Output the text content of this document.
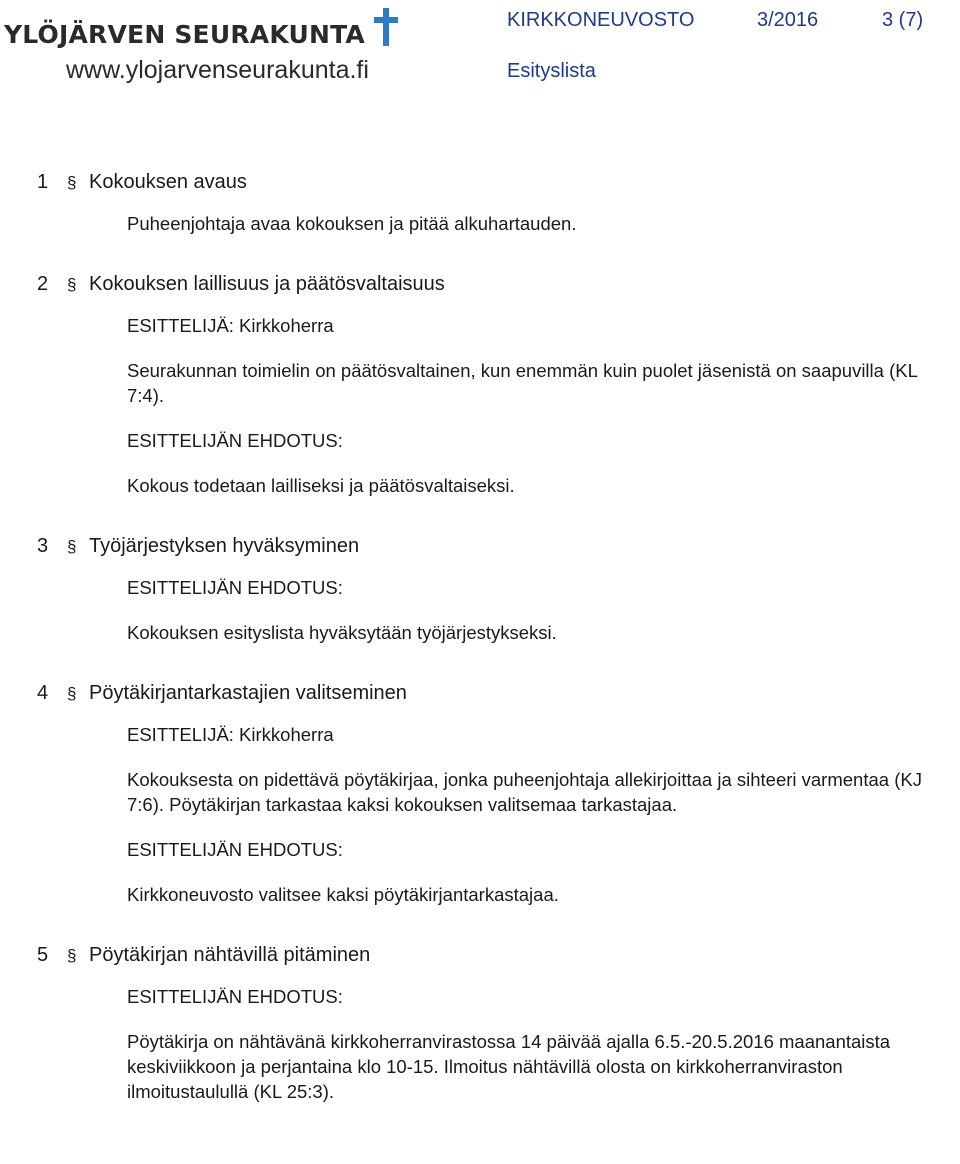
YLÖJÄRVEN SEURAKUNTA
www.ylojarvenseurakunta.fi
KIRKKONEUVOSTO	3/2016	3 (7)
Esityslista
1	§ Kokouksen avaus

Puheenjohtaja avaa kokouksen ja pitää alkuhartauden.

2	§ Kokouksen laillisuus ja päätösvaltaisuus

ESITTELIJÄ: Kirkkoherra

Seurakunnan toimielin on päätösvaltainen, kun enemmän kuin puolet jäsenistä on saapuvilla (KL 7:4).

ESITTELIJÄN EHDOTUS:

Kokous todetaan lailliseksi ja päätösvaltaiseksi.

3	§ Työjärjestyksen hyväksyminen

ESITTELIJÄN EHDOTUS:

Kokouksen esityslista hyväksytään työjärjestykseksi.

4	§ Pöytäkirjantarkastajien valitseminen

ESITTELIJÄ: Kirkkoherra

Kokouksesta on pidettävä pöytäkirjaa, jonka puheenjohtaja allekirjoittaa ja sihteeri varmentaa (KJ 7:6). Pöytäkirjan tarkastaa kaksi kokouksen valitsemaa tarkastajaa.

ESITTELIJÄN EHDOTUS:

Kirkkoneuvosto valitsee kaksi pöytäkirjantarkastajaa.

5	§ Pöytäkirjan nähtävillä pitäminen

ESITTELIJÄN EHDOTUS:

Pöytäkirja on nähtävänä kirkkoherranvirastossa 14 päivää ajalla 6.5.-20.5.2016 maanantaista keskiviikkoon ja perjantaina klo 10-15. Ilmoitus nähtävillä olosta on kirkkoherranviraston ilmoitustaulullä (KL 25:3).
